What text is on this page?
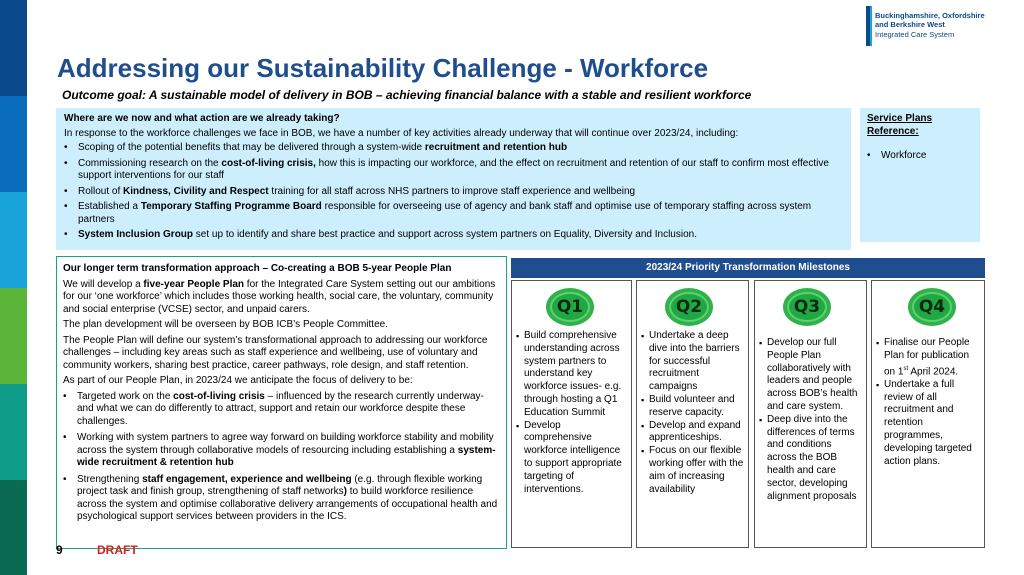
Buckinghamshire, Oxfordshire
and Berkshire West
Integrated Care System
Addressing our Sustainability Challenge - Workforce
Outcome goal: A sustainable model of delivery in BOB – achieving financial balance with a stable and resilient workforce
Where are we now and what action are we already taking?
In response to the workforce challenges we face in BOB, we have a number of key activities already underway that will continue over 2023/24, including:
• Scoping of the potential benefits that may be delivered through a system-wide recruitment and retention hub
• Commissioning research on the cost-of-living crisis, how this is impacting our workforce, and the effect on recruitment and retention of our staff to confirm most effective support interventions for our staff
• Rollout of Kindness, Civility and Respect training for all staff across NHS partners to improve staff experience and wellbeing
• Established a Temporary Staffing Programme Board responsible for overseeing use of agency and bank staff and optimise use of temporary staffing across system partners
• System Inclusion Group set up to identify and share best practice and support across system partners on Equality, Diversity and Inclusion.
Service Plans Reference:
• Workforce
Our longer term transformation approach – Co-creating a BOB 5-year People Plan

We will develop a five-year People Plan for the Integrated Care System setting out our ambitions for our ‘one workforce’ which includes those working health, social care, the voluntary, community and social enterprise (VCSE) sector, and unpaid carers.

The plan development will be overseen by BOB ICB’s People Committee.

The People Plan will define our system’s transformational approach to addressing our workforce challenges – including key areas such as staff experience and wellbeing, use of voluntary and community workers, sharing best practice, career pathways, role design, and staff retention.

As part of our People Plan, in 2023/24 we anticipate the focus of delivery to be:

• Targeted work on the cost-of-living crisis – influenced by the research currently underway- and what we can do differently to attract, support and retain our workforce despite these challenges.
• Working with system partners to agree way forward on building workforce stability and mobility across the system through collaborative models of resourcing including establishing a system-wide recruitment & retention hub
• Strengthening staff engagement, experience and wellbeing (e.g. through flexible working project task and finish group, strengthening of staff networks) to build workforce resilience across the system and optimise collaborative delivery arrangements of occupational health and psychological support services between providers in the ICS.
9	DRAFT
2023/24 Priority Transformation Milestones
Q1
▪ Build comprehensive understanding across system partners to understand key workforce issues- e.g. through hosting a Q1 Education Summit
▪ Develop comprehensive workforce intelligence to support appropriate targeting of interventions.
Q2
▪ Undertake a deep dive into the barriers for successful recruitment campaigns
▪ Build volunteer and reserve capacity.
▪ Develop and expand apprenticeships.
▪ Focus on our flexible working offer with the aim of increasing availability
Q3
▪ Develop our full People Plan collaboratively with leaders and people across BOB’s health and care system.
▪ Deep dive into the differences of terms and conditions across the BOB health and care sector, developing alignment proposals
Q4
▪ Finalise our People Plan for publication on 1st April 2024.
▪ Undertake a full review of all recruitment and retention programmes, developing targeted action plans.
